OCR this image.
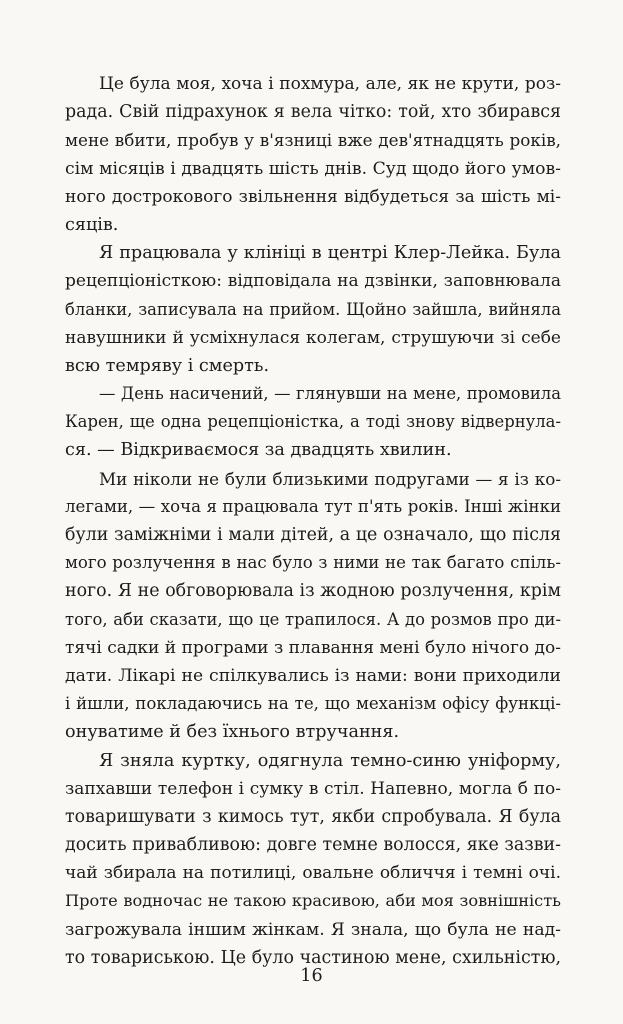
Це була моя, хоча і похмура, але, як не крути, роз-
рада. Свій підрахунок я вела чітко: той, хто збирався
мене вбити, пробув у в'язниці вже дев'ятнадцять років,
сім місяців і двадцять шість днів. Суд щодо його умов-
ного дострокового звільнення відбудеться за шість мі-
сяців.
Я працювала у клініці в центрі Клер-Лейка. Була
рецепціоністкою: відповідала на дзвінки, заповнювала
бланки, записувала на прийом. Щойно зайшла, вийняла
навушники й усміхнулася колегам, струшуючи зі себе
всю темряву і смерть.
— День насичений, — глянувши на мене, промовила
Карен, ще одна рецепціоністка, а тоді знову відвернула-
ся. — Відкриваємося за двадцять хвилин.
Ми ніколи не були близькими подругами — я із ко-
легами, — хоча я працювала тут п'ять років. Інші жінки
були заміжніми і мали дітей, а це означало, що після
мого розлучення в нас було з ними не так багато спіль-
ного. Я не обговорювала із жодною розлучення, крім
того, аби сказати, що це трапилося. А до розмов про ди-
тячі садки й програми з плавання мені було нічого до-
дати. Лікарі не спілкувались із нами: вони приходили
і йшли, покладаючись на те, що механізм офісу функці-
онуватиме й без їхнього втручання.
Я зняла куртку, одягнула темно-синю уніформу,
запхавши телефон і сумку в стіл. Напевно, могла б по-
товаришувати з кимось тут, якби спробувала. Я була
досить привабливою: довге темне волосся, яке зазви-
чай збирала на потилиці, овальне обличчя і темні очі.
Проте водночас не такою красивою, аби моя зовнішність
загрожувала іншим жінкам. Я знала, що була не над-
то товариською. Це було частиною мене, схильністю,
16
